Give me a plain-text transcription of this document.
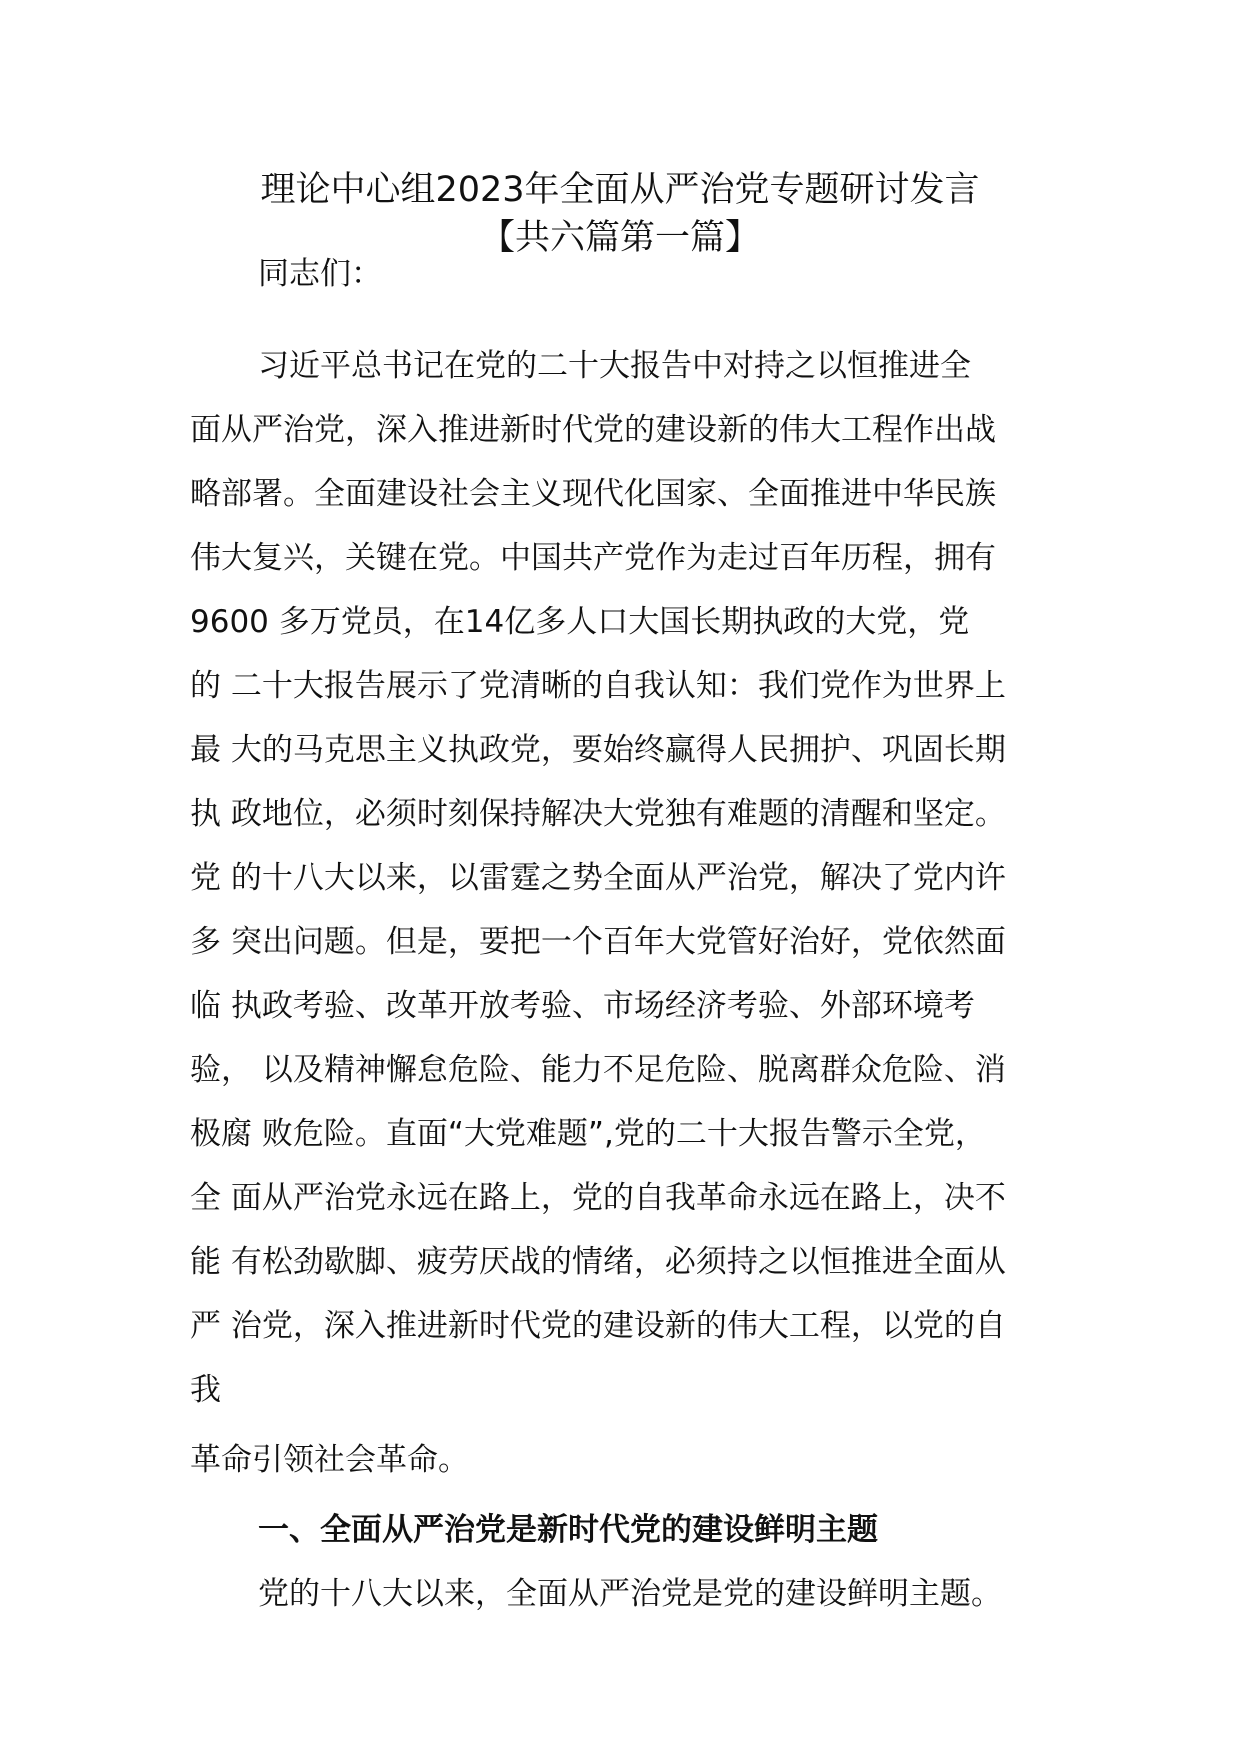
理论中心组2023年全面从严治党专题研讨发言
【共六篇第一篇】
同志们：
习近平总书记在党的二十大报告中对持之以恒推进全
面从严治党，深入推进新时代党的建设新的伟大工程作出战
略部署。全面建设社会主义现代化国家、全面推进中华民族
伟大复兴，关键在党。中国共产党作为走过百年历程，拥有
9600 多万党员，在14亿多人口大国长期执政的大党，党
的 二十大报告展示了党清晰的自我认知：我们党作为世界上
最 大的马克思主义执政党，要始终赢得人民拥护、巩固长期
执 政地位，必须时刻保持解决大党独有难题的清醒和坚定。
党 的十八大以来，以雷霆之势全面从严治党，解决了党内许
多 突出问题。但是，要把一个百年大党管好治好，党依然面
临 执政考验、改革开放考验、市场经济考验、外部环境考
验， 以及精神懈怠危险、能力不足危险、脱离群众危险、消
极腐 败危险。直面“大党难题”,党的二十大报告警示全党，
全 面从严治党永远在路上，党的自我革命永远在路上，决不
能 有松劲歇脚、疲劳厌战的情绪，必须持之以恒推进全面从
严 治党，深入推进新时代党的建设新的伟大工程，以党的自
我
革命引领社会革命。
一、全面从严治党是新时代党的建设鲜明主题
党的十八大以来，全面从严治党是党的建设鲜明主题。
